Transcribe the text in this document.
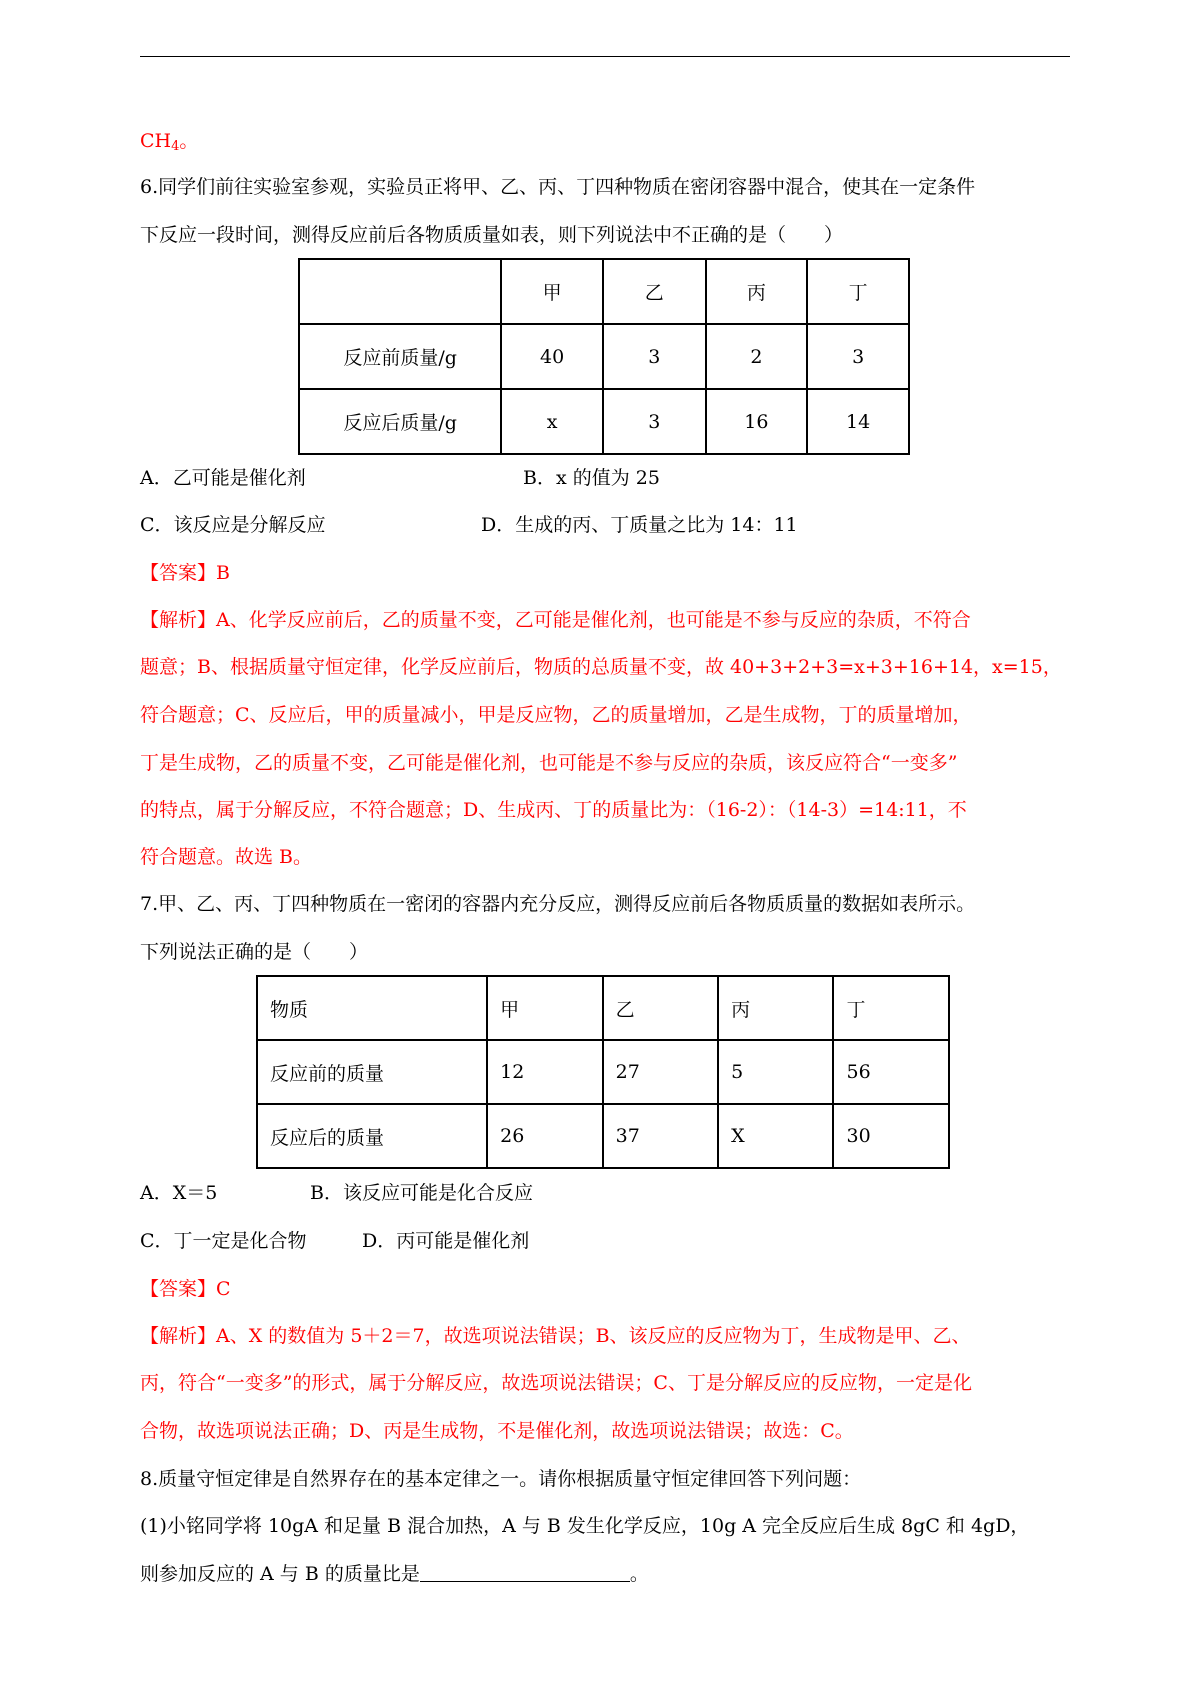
$CH_4$。
6.同学们前往实验室参观，实验员正将甲、乙、丙、丁四种物质在密闭容器中混合，使其在一定条件
下反应一段时间，测得反应前后各物质质量如表，则下列说法中不正确的是（　　）
	甲	乙	丙	丁
反应前质量/g	40	3	2	3
反应后质量/g	x	3	16	14
A．乙可能是催化剂	B．x 的值为 25
C．该反应是分解反应	D．生成的丙、丁质量之比为 14：11
【答案】B
【解析】A、化学反应前后，乙的质量不变，乙可能是催化剂，也可能是不参与反应的杂质，不符合
题意；B、根据质量守恒定律，化学反应前后，物质的总质量不变，故 40+3+2+3=x+3+16+14，x=15，
符合题意；C、反应后，甲的质量减小，甲是反应物，乙的质量增加，乙是生成物，丁的质量增加，
丁是生成物，乙的质量不变，乙可能是催化剂，也可能是不参与反应的杂质，该反应符合“一变多”
的特点，属于分解反应，不符合题意；D、生成丙、丁的质量比为：（16-2）：（14-3）=14:11，不
符合题意。故选 B。
7.甲、乙、丙、丁四种物质在一密闭的容器内充分反应，测得反应前后各物质质量的数据如表所示。
下列说法正确的是（　　）
物质	甲	乙	丙	丁
反应前的质量	12	27	5	56
反应后的质量	26	37	X	30
A．X＝5	B．该反应可能是化合反应
C．丁一定是化合物	D．丙可能是催化剂
【答案】C
【解析】A、X 的数值为 5＋2＝7，故选项说法错误；B、该反应的反应物为丁，生成物是甲、乙、
丙，符合“一变多”的形式，属于分解反应，故选项说法错误；C、丁是分解反应的反应物，一定是化
合物，故选项说法正确；D、丙是生成物，不是催化剂，故选项说法错误；故选：C。
8.质量守恒定律是自然界存在的基本定律之一。请你根据质量守恒定律回答下列问题：
(1)小铭同学将 10gA 和足量 B 混合加热，A 与 B 发生化学反应，10g A 完全反应后生成 8gC 和 4gD，
则参加反应的 A 与 B 的质量比是	。
